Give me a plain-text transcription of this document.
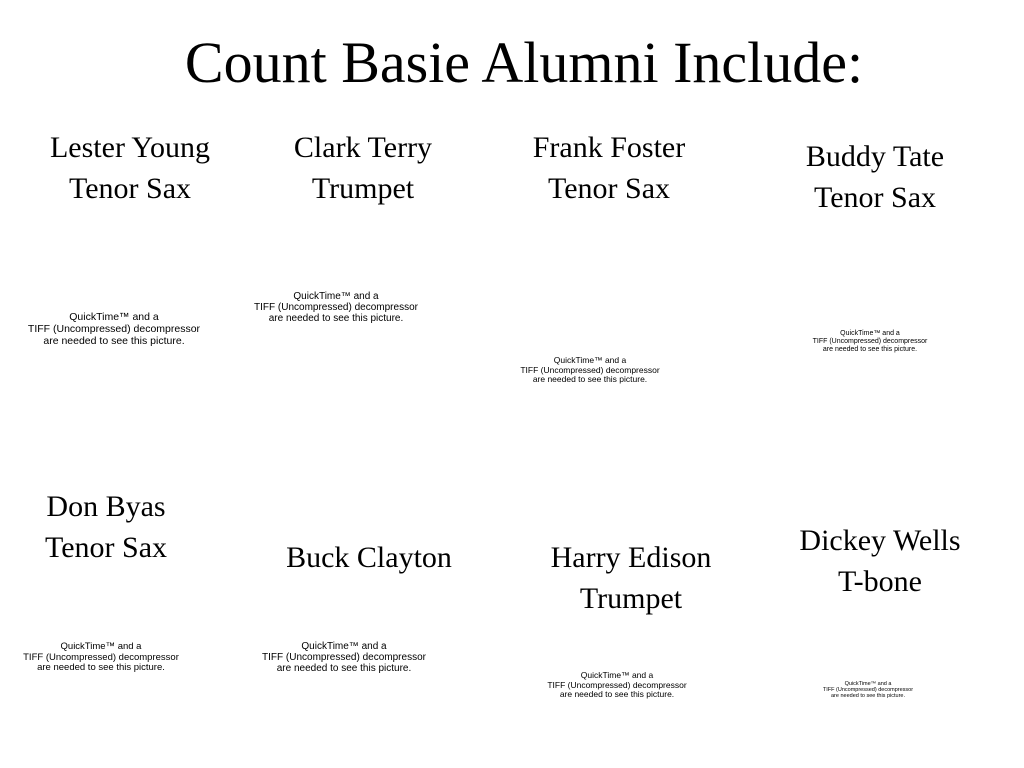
Count Basie Alumni Include:
Lester Young
Tenor Sax
Clark Terry
Trumpet
Frank Foster
Tenor Sax
Buddy Tate
Tenor Sax
Don Byas
Tenor Sax	Buck Clayton	Harry Edison
Trumpet
Dickey Wells
T-bone
QuickTime™ and a
TIFF (Uncompressed) decompressor
are needed to see this picture.
QuickTime™ and a
TIFF (Uncompressed) decompressor
are needed to see this picture.
QuickTime™ and a
TIFF (Uncompressed) decompressor
are needed to see this picture.
QuickTime™ and a
TIFF (Uncompressed) decompressor
are needed to see this picture.
QuickTime™ and a
TIFF (Uncompressed) decompressor
are needed to see this picture.
QuickTime™ and a
TIFF (Uncompressed) decompressor
are needed to see this picture.
QuickTime™ and a
TIFF (Uncompressed) decompressor
are needed to see this picture.
QuickTime™ and a
TIFF (Uncompressed) decompressor
are needed to see this picture.
